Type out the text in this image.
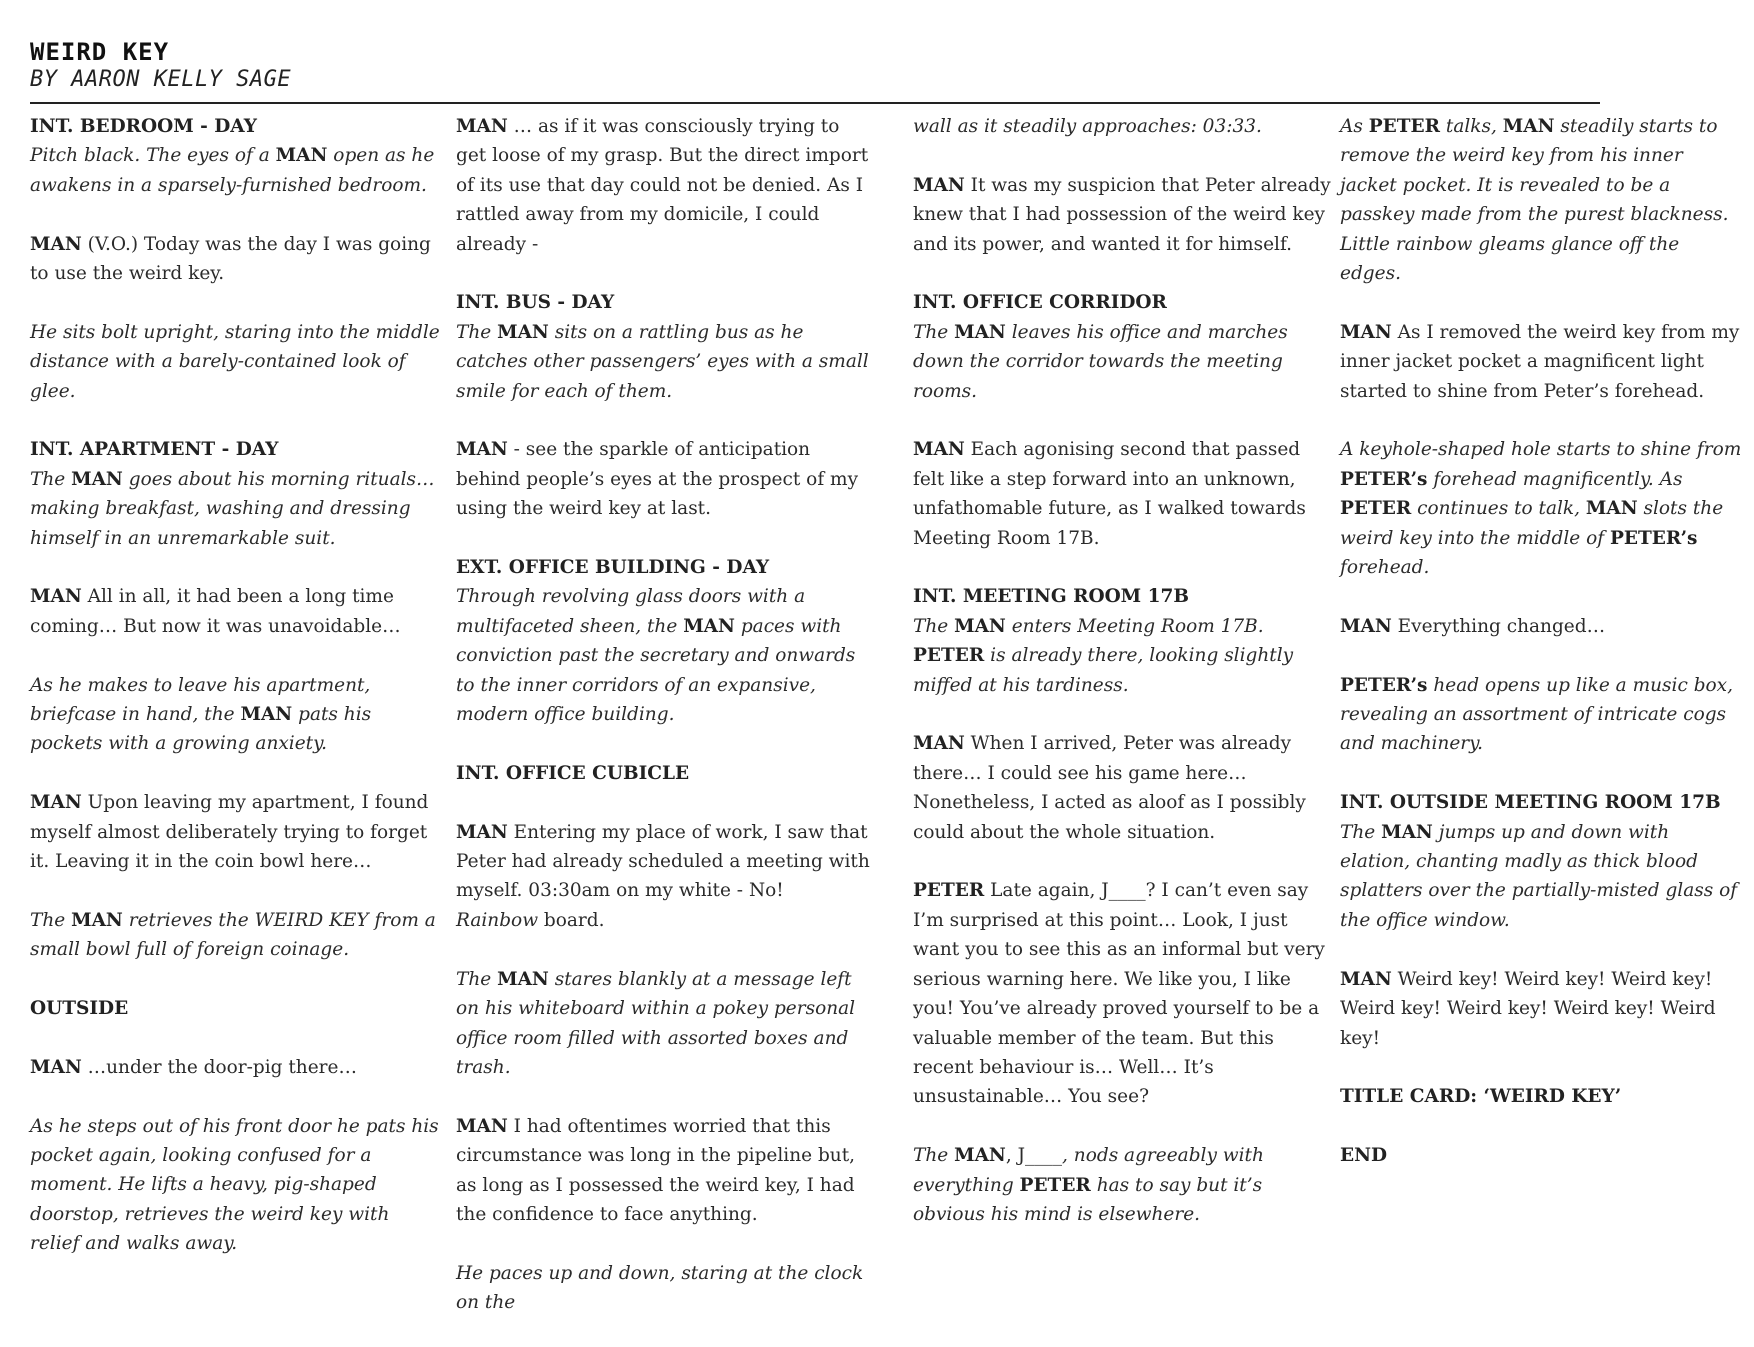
WEIRD KEY
BY AARON KELLY SAGE

INT. BEDROOM - DAY

Pitch black. The eyes of a MAN open as he awakens in a sparsely-furnished bedroom.

MAN (V.O.) Today was the day I was going to use the weird key.

He sits bolt upright, staring into the middle distance with a barely-contained look of glee.

INT. APARTMENT - DAY

The MAN goes about his morning rituals… making breakfast, washing and dressing himself in an unremarkable suit.

MAN All in all, it had been a long time coming… But now it was unavoidable…

As he makes to leave his apartment, briefcase in hand, the MAN pats his pockets with a growing anxiety.

MAN Upon leaving my apartment, I found myself almost deliberately trying to forget it. Leaving it in the coin bowl here…

The MAN retrieves the WEIRD KEY from a small bowl full of foreign coinage.

OUTSIDE

MAN …under the door-pig there…

As he steps out of his front door he pats his pocket again, looking confused for a moment. He lifts a heavy, pig-shaped doorstop, retrieves the weird key with relief and walks away.

MAN … as if it was consciously trying to get loose of my grasp. But the direct import of its use that day could not be denied. As I rattled away from my domicile, I could already -

INT. BUS - DAY

The MAN sits on a rattling bus as he catches other passengers’ eyes with a small smile for each of them.

MAN - see the sparkle of anticipation behind people’s eyes at the prospect of my using the weird key at last.

EXT. OFFICE BUILDING - DAY

Through revolving glass doors with a multifaceted sheen, the MAN paces with conviction past the secretary and onwards to the inner corridors of an expansive, modern office building.

INT. OFFICE CUBICLE

MAN Entering my place of work, I saw that Peter had already scheduled a meeting with myself. 03:30am on my white - No! Rainbow board.

The MAN stares blankly at a message left on his whiteboard within a pokey personal office room filled with assorted boxes and trash.

MAN I had oftentimes worried that this circumstance was long in the pipeline but, as long as I possessed the weird key, I had the confidence to face anything.

He paces up and down, staring at the clock on the

wall as it steadily approaches: 03:33.

MAN It was my suspicion that Peter already knew that I had possession of the weird key and its power, and wanted it for himself.

INT. OFFICE CORRIDOR

The MAN leaves his office and marches down the corridor towards the meeting rooms.

MAN Each agonising second that passed felt like a step forward into an unknown, unfathomable future, as I walked towards Meeting Room 17B.

INT. MEETING ROOM 17B

The MAN enters Meeting Room 17B. PETER is already there, looking slightly miffed at his tardiness.

MAN When I arrived, Peter was already there… I could see his game here… Nonetheless, I acted as aloof as I possibly could about the whole situation.

PETER Late again, J____? I can’t even say I’m surprised at this point… Look, I just want you to see this as an informal but very serious warning here. We like you, I like you! You’ve already proved yourself to be a valuable member of the team. But this recent behaviour is… Well… It’s unsustainable… You see?

The MAN, J____, nods agreeably with everything PETER has to say but it’s obvious his mind is elsewhere.

As PETER talks, MAN steadily starts to remove the weird key from his inner jacket pocket. It is revealed to be a passkey made from the purest blackness. Little rainbow gleams glance off the edges.

MAN As I removed the weird key from my inner jacket pocket a magnificent light started to shine from Peter’s forehead.

A keyhole-shaped hole starts to shine from PETER’s forehead magnificently. As PETER continues to talk, MAN slots the weird key into the middle of PETER’s forehead.

MAN Everything changed…

PETER’s head opens up like a music box, revealing an assortment of intricate cogs and machinery.

INT. OUTSIDE MEETING ROOM 17B

The MAN jumps up and down with elation, chanting madly as thick blood splatters over the partially-misted glass of the office window.

MAN Weird key! Weird key! Weird key! Weird key! Weird key! Weird key! Weird key!

TITLE CARD: ‘WEIRD KEY’

END
